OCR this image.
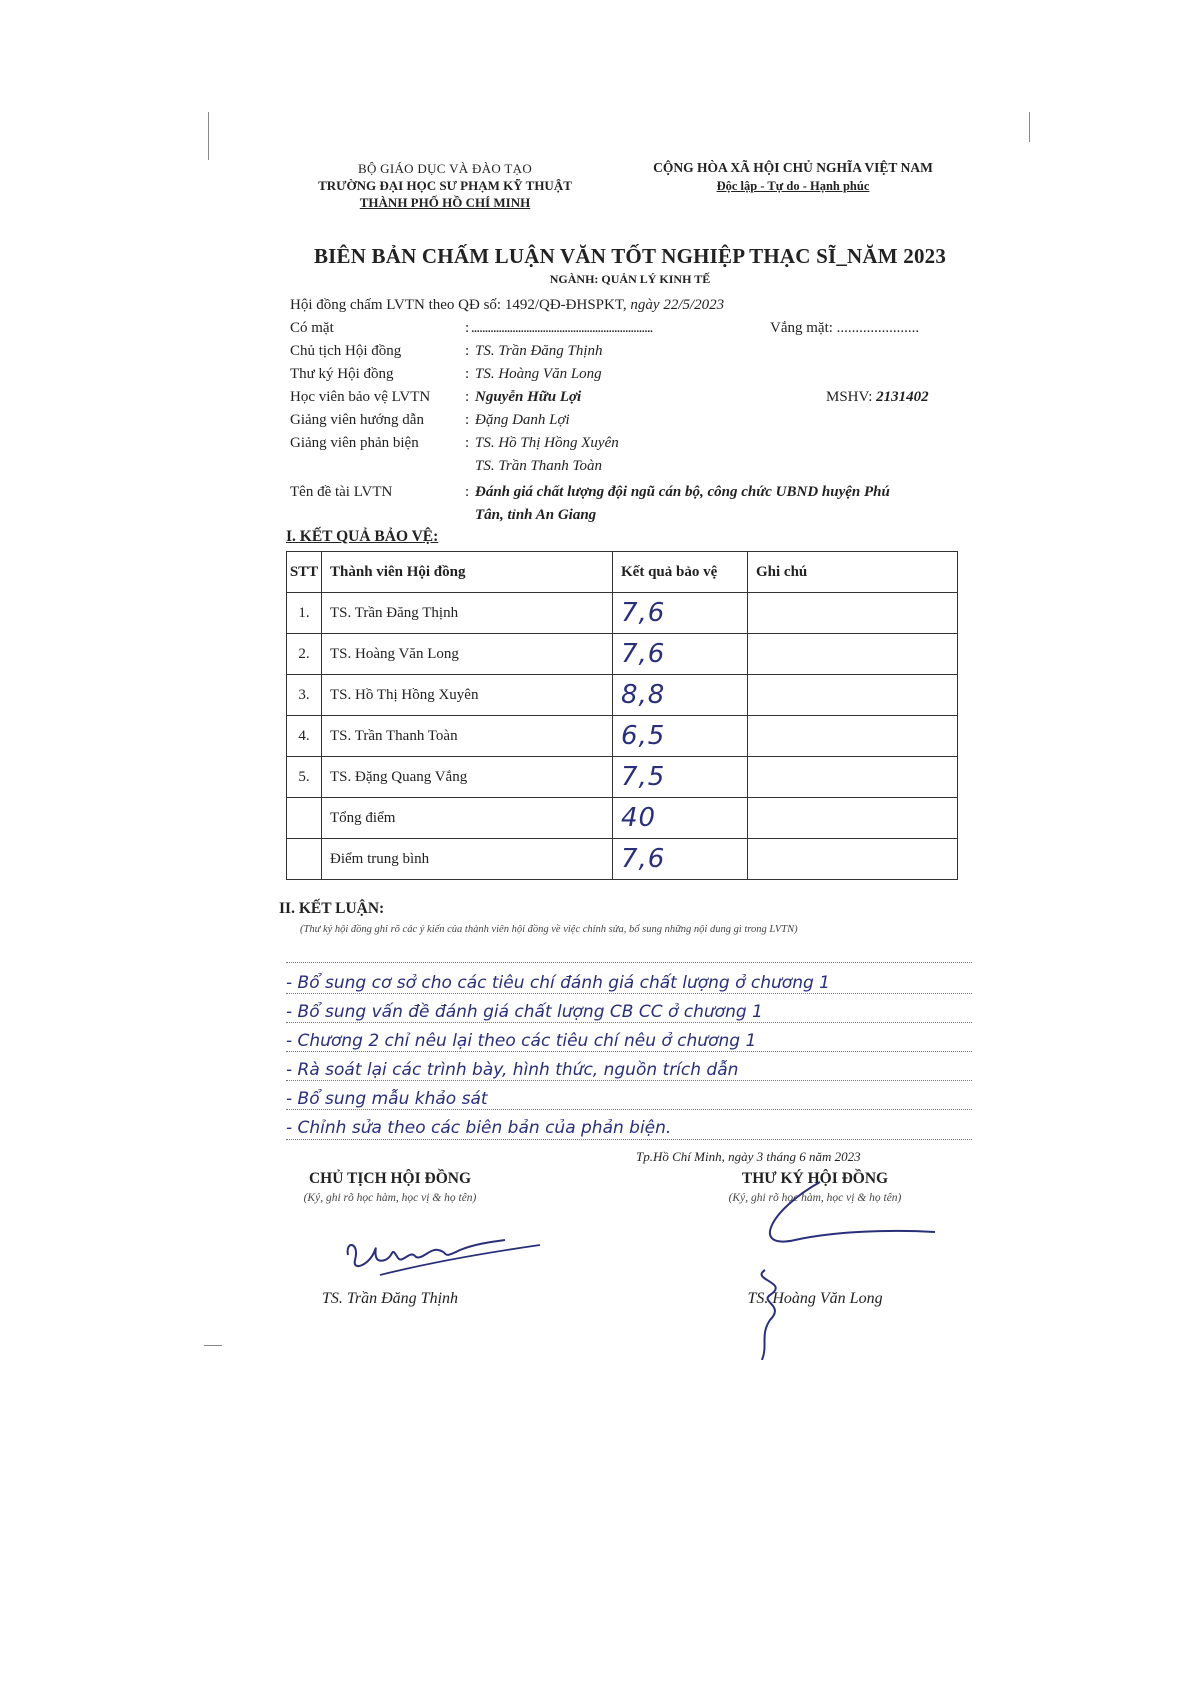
BỘ GIÁO DỤC VÀ ĐÀO TẠO
TRƯỜNG ĐẠI HỌC SƯ PHẠM KỸ THUẬT
THÀNH PHỐ HỒ CHÍ MINH
CỘNG HÒA XÃ HỘI CHỦ NGHĨA VIỆT NAM
Độc lập - Tự do - Hạnh phúc
BIÊN BẢN CHẤM LUẬN VĂN TỐT NGHIỆP THẠC SĨ_NĂM 2023
NGÀNH: QUẢN LÝ KINH TẾ
Hội đồng chấm LVTN theo QĐ số: 1492/QĐ-ĐHSPKT, ngày 22/5/2023
Có mặt	: ..................................................................	Vắng mặt: ......................
Chủ tịch Hội đồng	: TS. Trần Đăng Thịnh
Thư ký Hội đồng	: TS. Hoàng Văn Long
Học viên bảo vệ LVTN : Nguyễn Hữu Lợi	MSHV: 2131402
Giảng viên hướng dẫn	: Đặng Danh Lợi
Giảng viên phản biện	: TS. Hồ Thị Hồng Xuyên
TS. Trần Thanh Toàn
Tên đề tài LVTN	: Đánh giá chất lượng đội ngũ cán bộ, công chức UBND huyện Phú
Tân, tỉnh An Giang
I. KẾT QUẢ BẢO VỆ:
STT	Thành viên Hội đồng	Kết quả bảo vệ	Ghi chú
1.	TS. Trần Đăng Thịnh	7,6	
2.	TS. Hoàng Văn Long	7,6	
3.	TS. Hồ Thị Hồng Xuyên	8,8	
4.	TS. Trần Thanh Toàn	6,5	
5.	TS. Đặng Quang Vắng	7,5	
	Tổng điểm	40	
	Điểm trung bình	7,6	
II. KẾT LUẬN:
(Thư ký hội đồng ghi rõ các ý kiến của thành viên hội đồng về việc chỉnh sửa, bổ sung những nội dung gì trong LVTN)
- Bổ sung cơ sở cho các tiêu chí đánh giá chất lượng ở chương 1
- Bổ sung vấn đề đánh giá chất lượng CB CC ở chương 1
- Chương 2 chỉ nêu lại theo các tiêu chí nêu ở chương 1
- Rà soát lại các trình bày, hình thức, nguồn trích dẫn
- Bổ sung mẫu khảo sát
- Chỉnh sửa theo các biên bản của phản biện.
Tp.Hồ Chí Minh, ngày 3 tháng 6 năm 2023
CHỦ TỊCH HỘI ĐỒNG
(Ký, ghi rõ học hàm, học vị & họ tên)
THƯ KÝ HỘI ĐỒNG
(Ký, ghi rõ học hàm, học vị & họ tên)
TS. Trần Đăng Thịnh	TS. Hoàng Văn Long
